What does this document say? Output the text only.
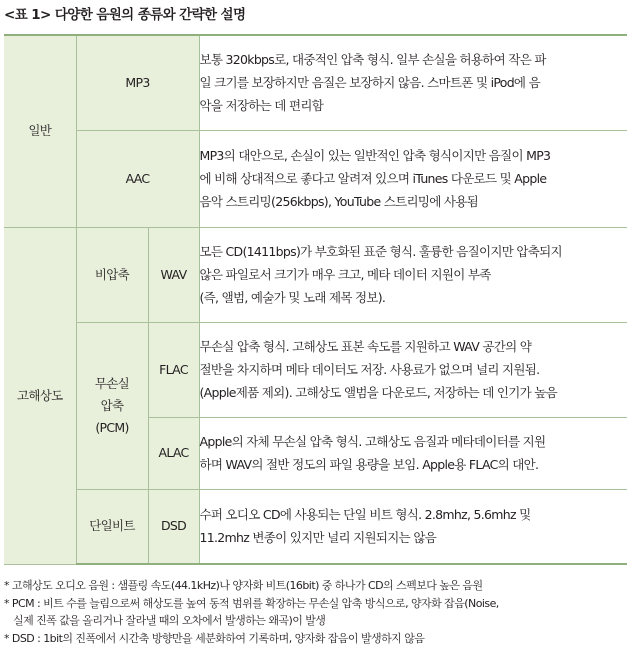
<표 1> 다양한 음원의 종류와 간략한 설명
일반	MP3		보통 320kbps로, 대중적인 압축 형식. 일부 손실을 허용하여 작은 파
일 크기를 보장하지만 음질은 보장하지 않음. 스마트폰 및 iPod에 음
악을 저장하는 데 편리함

	AAC		MP3의 대안으로, 손실이 있는 일반적인 압축 형식이지만 음질이 MP3
에 비해 상대적으로 좋다고 알려져 있으며 iTunes 다운로드 및 Apple
음악 스트리밍(256kbps), YouTube 스트리밍에 사용됨

고해상도	비압축	WAV	모든 CD(1411bps)가 부호화된 표준 형식. 훌륭한 음질이지만 압축되지
않은 파일로서 크기가 매우 크고, 메타 데이터 지원이 부족
(즉, 앨범, 예술가 및 노래 제목 정보).

	무손실
압축
(PCM)	FLAC	무손실 압축 형식. 고해상도 표본 속도를 지원하고 WAV 공간의 약
절반을 차지하며 메타 데이터도 저장. 사용료가 없으며 널리 지원됨.
(Apple제품 제외). 고해상도 앨범을 다운로드, 저장하는 데 인기가 높음

		ALAC	Apple의 자체 무손실 압축 형식. 고해상도 음질과 메타데이터를 지원
하며 WAV의 절반 정도의 파일 용량을 보임. Apple용 FLAC의 대안.

	단일비트	DSD	수퍼 오디오 CD에 사용되는 단일 비트 형식. 2.8mhz, 5.6mhz 및
11.2mhz 변종이 있지만 널리 지원되지는 않음
* 고해상도 오디오 음원 : 샘플링 속도(44.1kHz)나 양자화 비트(16bit) 중 하나가 CD의 스펙보다 높은 음원
* PCM : 비트 수를 늘림으로써 해상도를 높여 동적 범위를 확장하는 무손실 압축 방식으로, 양자화 잡음(Noise,
실제 진폭 값을 올리거나 잘라낼 때의 오차에서 발생하는 왜곡)이 발생
* DSD : 1bit의 진폭에서 시간축 방향만을 세분화하여 기록하며, 양자화 잡음이 발생하지 않음
